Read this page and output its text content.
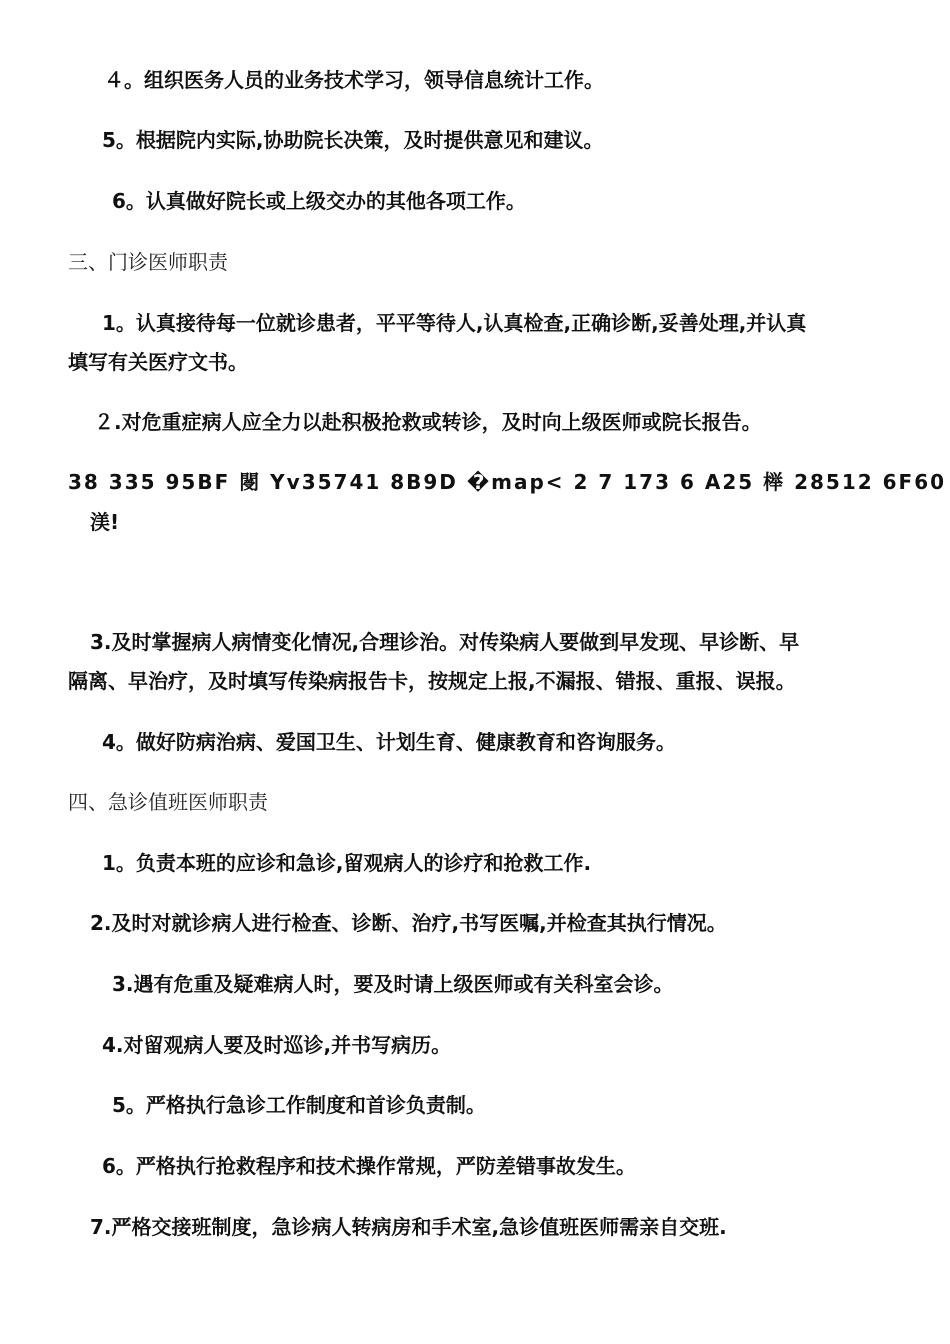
４。组织医务人员的业务技术学习，领导信息统计工作。
5。根据院内实际,协助院长决策，及时提供意见和建议。
6。认真做好院长或上级交办的其他各项工作。
三、门诊医师职责
1。认真接待每一位就诊患者，平平等待人,认真检查,正确诊断,妥善处理,并认真
填写有关医疗文书。
２.对危重症病人应全力以赴积极抢救或转诊，及时向上级医师或院长报告。
38 335 95BF 閿 Yv35741 8B9D �map< 2 7 173 6 A25 榉 28512 6F60
渼!
3.及时掌握病人病情变化情况,合理诊治。对传染病人要做到早发现、早诊断、早
隔离、早治疗，及时填写传染病报告卡，按规定上报,不漏报、错报、重报、误报。
4。做好防病治病、爱国卫生、计划生育、健康教育和咨询服务。
四、急诊值班医师职责
1。负责本班的应诊和急诊,留观病人的诊疗和抢救工作.
2.及时对就诊病人进行检查、诊断、治疗,书写医嘱,并检查其执行情况。
3.遇有危重及疑难病人时，要及时请上级医师或有关科室会诊。
4.对留观病人要及时巡诊,并书写病历。
5。严格执行急诊工作制度和首诊负责制。
6。严格执行抢救程序和技术操作常规，严防差错事故发生。
7.严格交接班制度，急诊病人转病房和手术室,急诊值班医师需亲自交班.
